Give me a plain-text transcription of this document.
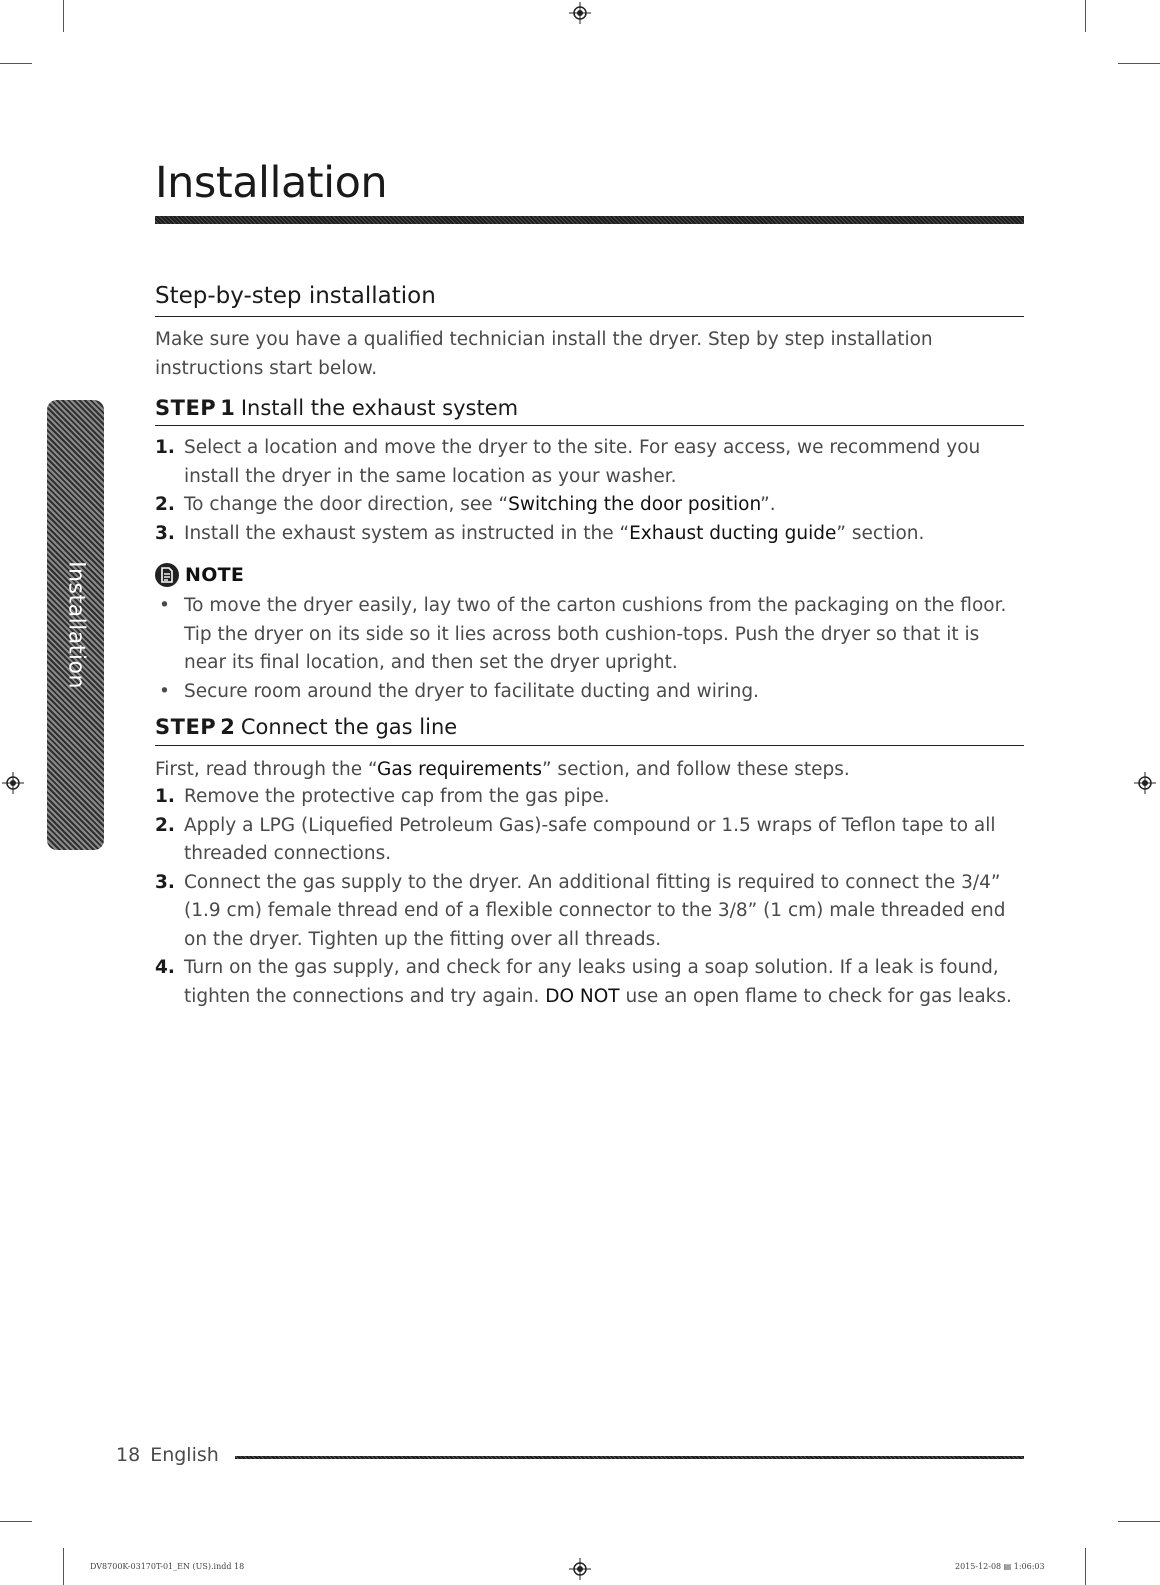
Installation
Installation
Step-by-step installation

Make sure you have a qualified technician install the dryer. Step by step installation instructions start below.

STEP 1 Install the exhaust system
1. Select a location and move the dryer to the site. For easy access, we recommend you install the dryer in the same location as your washer.
2. To change the door direction, see “Switching the door position”.
3. Install the exhaust system as instructed in the “Exhaust ducting guide” section.
NOTE
• To move the dryer easily, lay two of the carton cushions from the packaging on the floor. Tip the dryer on its side so it lies across both cushion-tops. Push the dryer so that it is near its final location, and then set the dryer upright.
• Secure room around the dryer to facilitate ducting and wiring.
STEP 2 Connect the gas line

First, read through the “Gas requirements” section, and follow these steps.

1. Remove the protective cap from the gas pipe.
2. Apply a LPG (Liquefied Petroleum Gas)-safe compound or 1.5 wraps of Teflon tape to all threaded connections.
3. Connect the gas supply to the dryer. An additional fitting is required to connect the 3/4” (1.9 cm) female thread end of a flexible connector to the 3/8” (1 cm) male threaded end on the dryer. Tighten up the fitting over all threads.
4. Turn on the gas supply, and check for any leaks using a soap solution. If a leak is found, tighten the connections and try again. DO NOT use an open flame to check for gas leaks.
18 English
DV8700K-03170T-01_EN (US).indd 18	2015-12-08 ▤ 1:06:03
